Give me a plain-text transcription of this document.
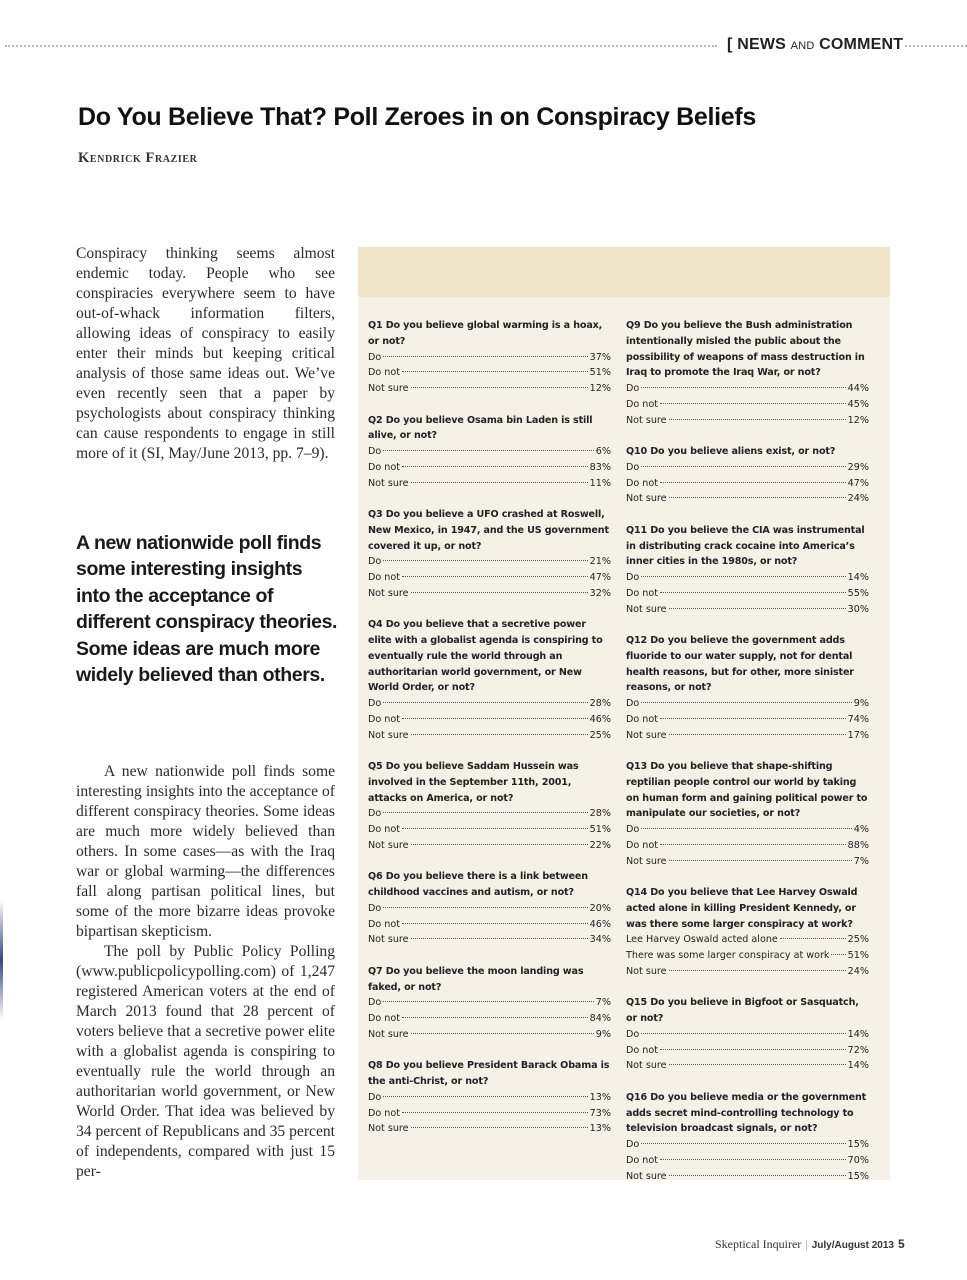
[ NEWS AND COMMENT
Do You Believe That? Poll Zeroes in on Conspiracy Beliefs
Kendrick Frazier

Conspiracy thinking seems almost endemic today. People who see conspiracies everywhere seem to have out-of-whack information filters, allowing ideas of conspiracy to easily enter their minds but keeping critical analysis of those same ideas out. We’ve even recently seen that a paper by psychologists about conspiracy thinking can cause respondents to engage in still more of it (SI, May/June 2013, pp. 7–9).

A new nationwide poll finds some interesting insights into the acceptance of different conspiracy theories. Some ideas are much more widely believed than others.

A new nationwide poll finds some interesting insights into the acceptance of different conspiracy theories. Some ideas are much more widely believed than others. In some cases—as with the Iraq war or global warming—the differences fall along partisan political lines, but some of the more bizarre ideas provoke bipartisan skepticism.

The poll by Public Policy Polling (www.publicpolicypolling.com) of 1,247 registered American voters at the end of March 2013 found that 28 percent of voters believe that a secretive power elite with a globalist agenda is conspiring to eventually rule the world through an authoritarian world government, or New World Order. That idea was believed by 34 percent of Republicans and 35 percent of independents, compared with just 15 per-

Q1 Do you believe global warming is a hoax, or not?
Do	37%
Do not	51%
Not sure	12%
Q2 Do you believe Osama bin Laden is still alive, or not?
Do	6%
Do not	83%
Not sure	11%
Q3 Do you believe a UFO crashed at Roswell, New Mexico, in 1947, and the US government covered it up, or not?
Do	21%
Do not	47%
Not sure	32%
Q4 Do you believe that a secretive power elite with a globalist agenda is conspiring to eventually rule the world through an authoritarian world government, or New World Order, or not?
Do	28%
Do not	46%
Not sure	25%
Q5 Do you believe Saddam Hussein was involved in the September 11th, 2001, attacks on America, or not?
Do	28%
Do not	51%
Not sure	22%
Q6 Do you believe there is a link between childhood vaccines and autism, or not?
Do	20%
Do not	46%
Not sure	34%
Q7 Do you believe the moon landing was faked, or not?
Do	7%
Do not	84%
Not sure	9%
Q8 Do you believe President Barack Obama is the anti-Christ, or not?
Do	13%
Do not	73%
Not sure	13%
Q9 Do you believe the Bush administration intentionally misled the public about the possibility of weapons of mass destruction in Iraq to promote the Iraq War, or not?
Do	44%
Do not	45%
Not sure	12%
Q10 Do you believe aliens exist, or not?
Do	29%
Do not	47%
Not sure	24%
Q11 Do you believe the CIA was instrumental in distributing crack cocaine into America’s inner cities in the 1980s, or not?
Do	14%
Do not	55%
Not sure	30%
Q12 Do you believe the government adds fluoride to our water supply, not for dental health reasons, but for other, more sinister reasons, or not?
Do	9%
Do not	74%
Not sure	17%
Q13 Do you believe that shape-shifting reptilian people control our world by taking on human form and gaining political power to manipulate our societies, or not?
Do	4%
Do not	88%
Not sure	7%
Q14 Do you believe that Lee Harvey Oswald acted alone in killing President Kennedy, or was there some larger conspiracy at work?
Lee Harvey Oswald acted alone	25%
There was some larger conspiracy at work 51%
Not sure	24%
Q15 Do you believe in Bigfoot or Sasquatch, or not?
Do	14%
Do not	72%
Not sure	14%
Q16 Do you believe media or the government adds secret mind-controlling technology to television broadcast signals, or not?
Do	15%
Do not	70%
Not sure	15%
Skeptical Inquirer | July/August 2013 5
